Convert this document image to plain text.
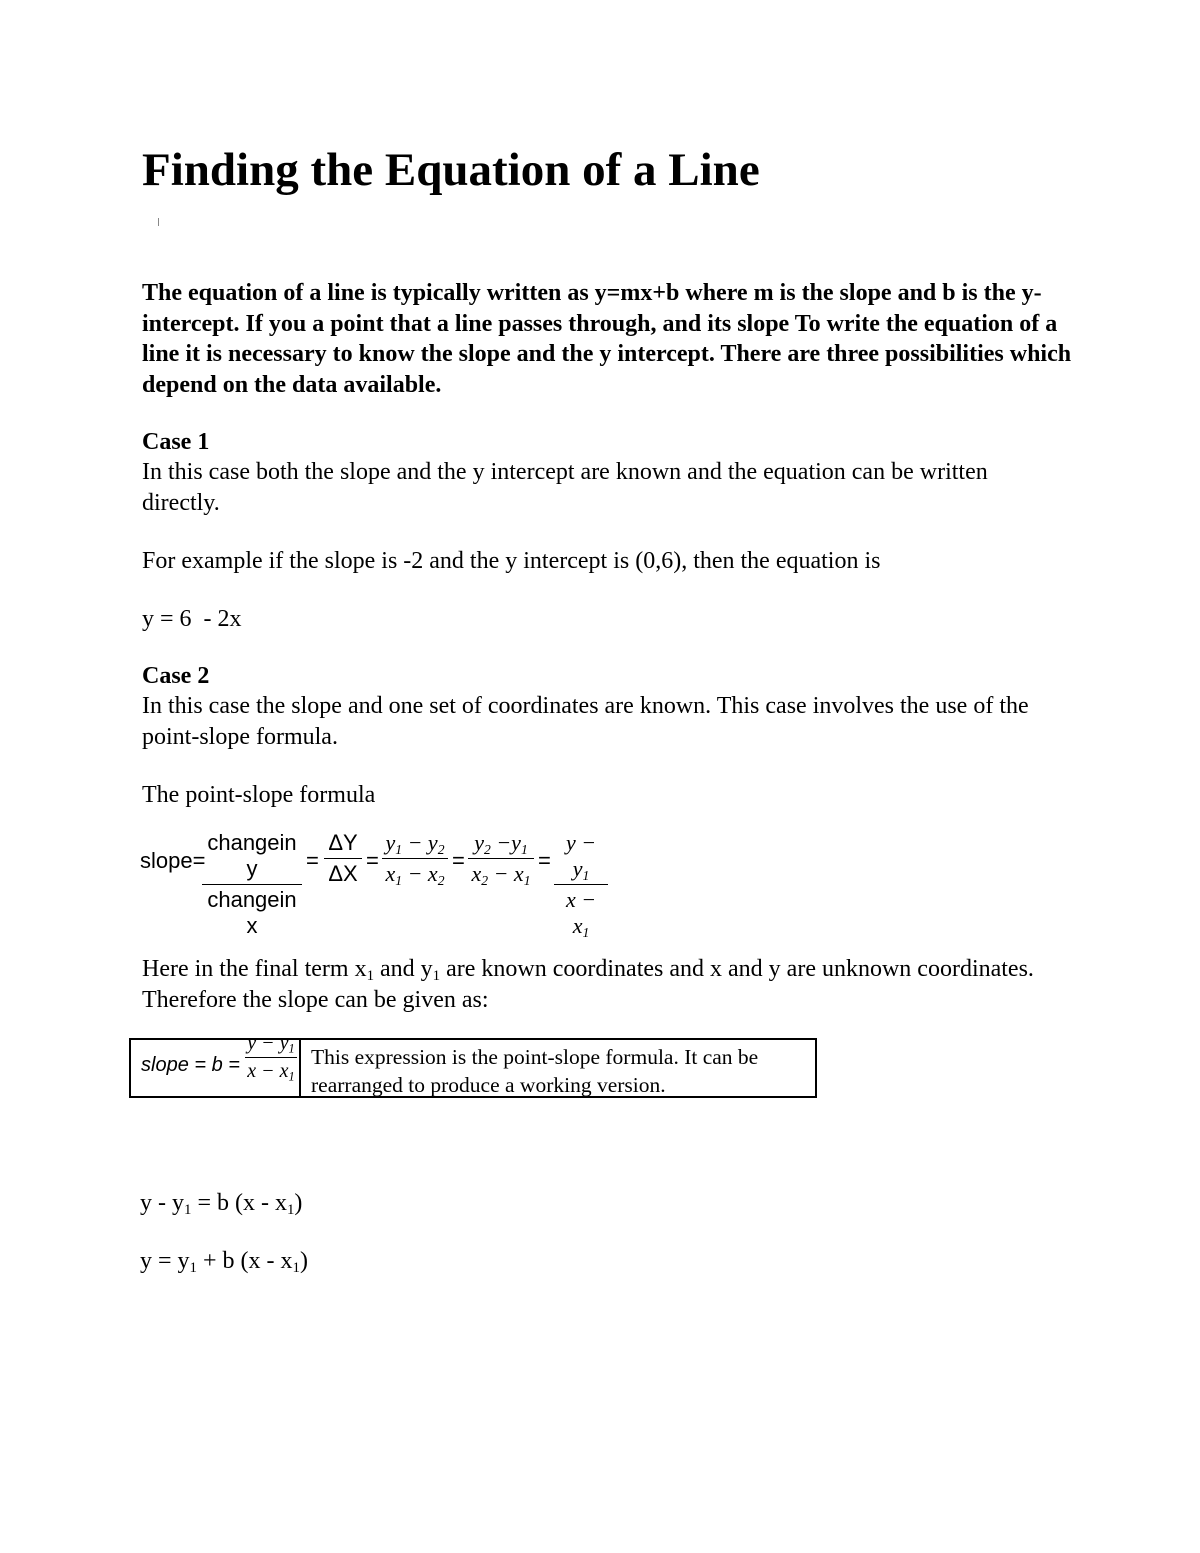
Finding the Equation of a Line
The equation of a line is typically written as y=mx+b where m is the slope and b is the y-intercept. If you a point that a line passes through, and its slope To write the equation of a line it is necessary to know the slope and the y intercept. There are three possibilities which depend on the data available.
Case 1
In this case both the slope and the y intercept are known and the equation can be written directly.
For example if the slope is -2 and the y intercept is (0,6), then the equation is
y = 6  - 2x
Case 2
In this case the slope and one set of coordinates are known. This case involves the use of the point-slope formula.
The point-slope formula
slope=
changein y
changein x
=
ΔY
ΔX
=
$y_1 - y_2$
$x_1 - x_2$
=
$y_2 -y_1$
$x_2 - x_1$
=
$y - y_1$
$x - x_1$
Here in the final term $x_1$ and $y_1$ are known coordinates and x and y are unknown coordinates. Therefore the slope can be given as:
slope = b =
$y - y_1$
$x - x_1$
This expression is the point-slope formula. It can be rearranged to produce a working version.
$y - y_1 = b$ $(x - x_1)$
$y = y_1 + b$ $(x - x_1)$
